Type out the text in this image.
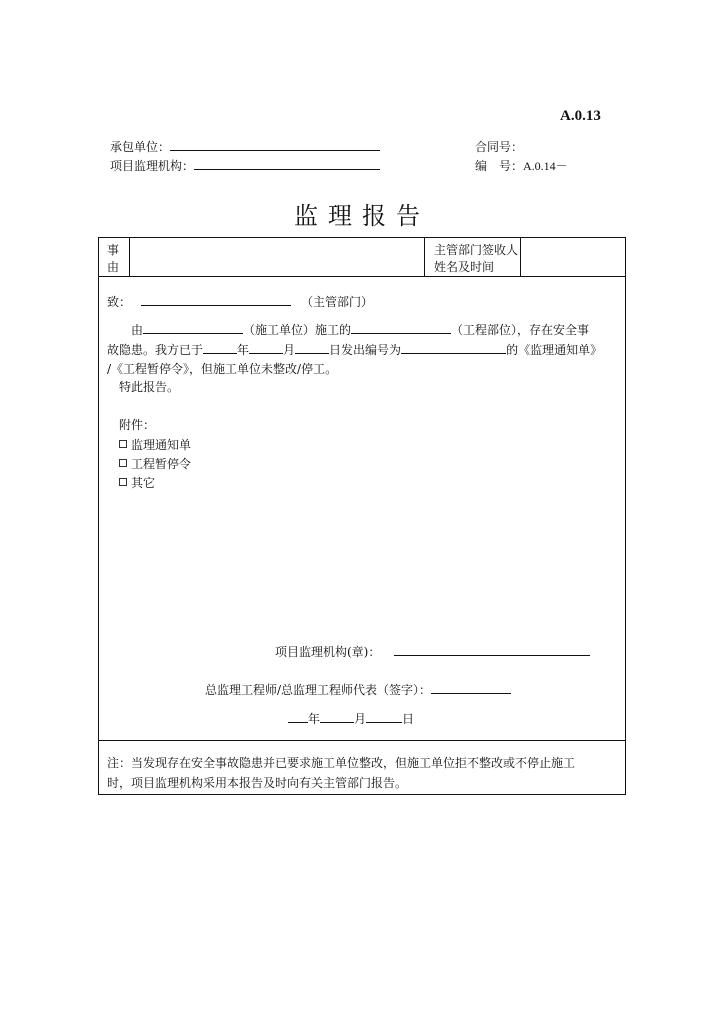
A.0.13
承包单位：
项目监理机构：
合同号：
编　号：A.0.14－
监理报告
事由
主管部门签收人姓名及时间
致：	（主管部门）
由	（施工单位）施工的	（工程部位），存在安全事
故隐患。我方已于	年	月	日发出编号为	的《监理通知单》
/《工程暂停令》，但施工单位未整改/停工。
特此报告。
附件：
监理通知单
工程暂停令
其它
项目监理机构(章)：
总监理工程师/总监理工程师代表（签字）：
年	月	日
注：当发现存在安全事故隐患并已要求施工单位整改，但施工单位拒不整改或不停止施工
时，项目监理机构采用本报告及时向有关主管部门报告。
